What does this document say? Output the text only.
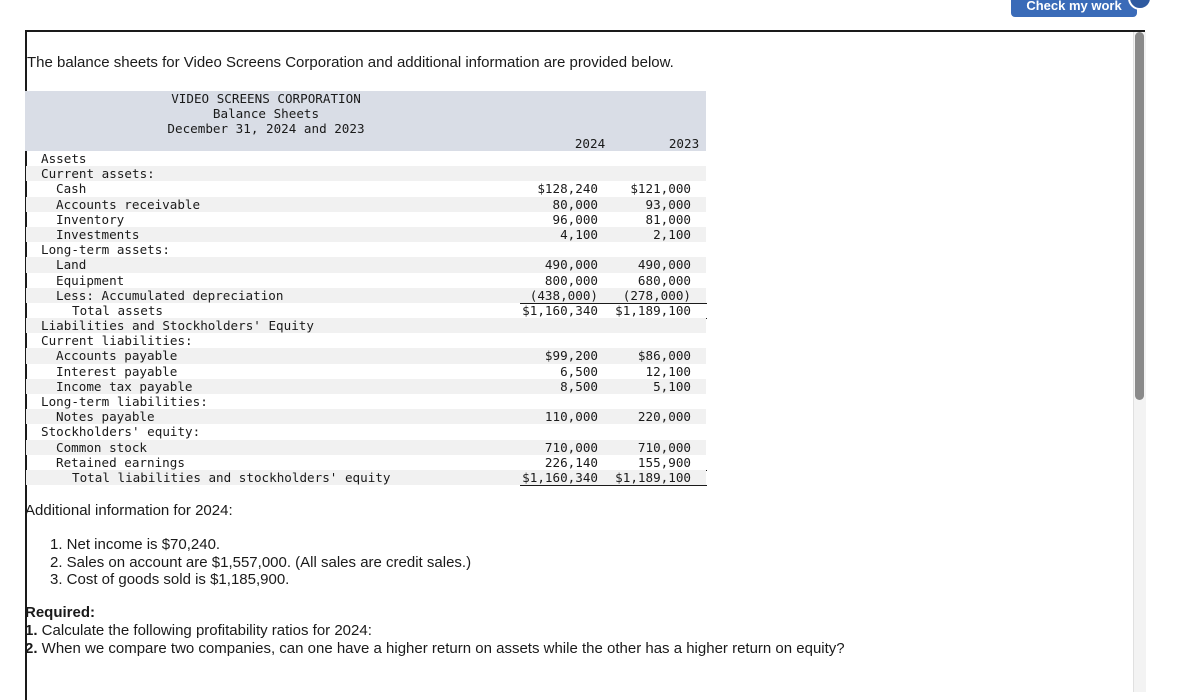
Check my work
The balance sheets for Video Screens Corporation and additional information are provided below.
VIDEO SCREENS CORPORATION
Balance Sheets
December 31, 2024 and 2023
2024	2023
Assets
Current assets:
Cash	$128,240	$121,000
Accounts receivable	80,000	93,000
Inventory	96,000	81,000
Investments	4,100	2,100
Long-term assets:
Land	490,000	490,000
Equipment	800,000	680,000
Less: Accumulated depreciation	(438,000) (278,000)
Total assets	$1,160,340 $1,189,100
Liabilities and Stockholders' Equity
Current liabilities:
Accounts payable	$99,200	$86,000
Interest payable	6,500	12,100
Income tax payable	8,500	5,100
Long-term liabilities:
Notes payable	110,000	220,000
Stockholders' equity:
Common stock	710,000	710,000
Retained earnings	226,140	155,900
Total liabilities and stockholders' equity	$1,160,340 $1,189,100
Additional information for 2024:
1. Net income is $70,240.
2. Sales on account are $1,557,000. (All sales are credit sales.)
3. Cost of goods sold is $1,185,900.
Required:
1. Calculate the following profitability ratios for 2024:
2. When we compare two companies, can one have a higher return on assets while the other has a higher return on equity?
